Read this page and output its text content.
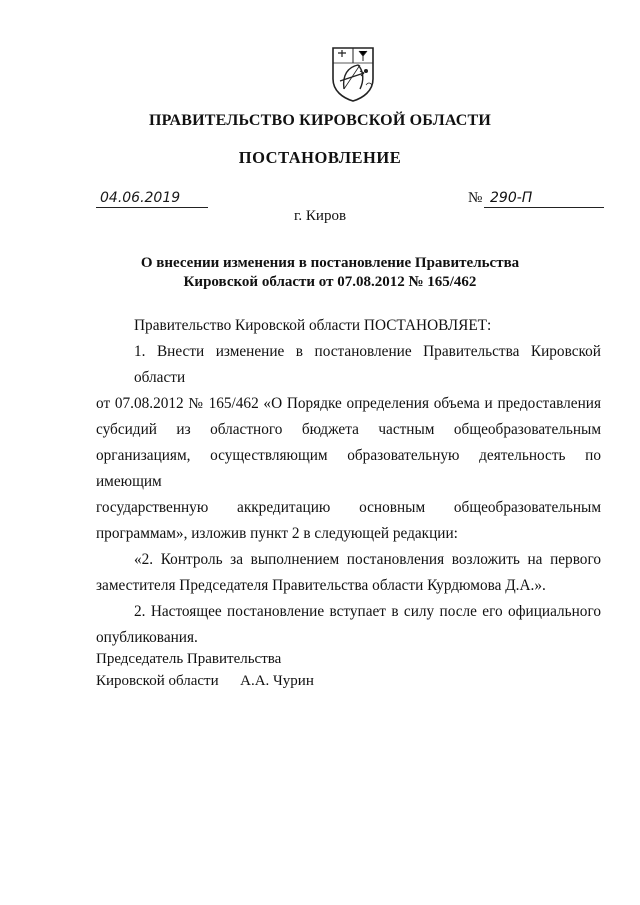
ПРАВИТЕЛЬСТВО КИРОВСКОЙ ОБЛАСТИ
ПОСТАНОВЛЕНИЕ
04.06.2019	№ 290-П
г. Киров
О внесении изменения в постановление Правительства
Кировской области от 07.08.2012 № 165/462
Правительство Кировской области ПОСТАНОВЛЯЕТ:
1. Внести изменение в постановление Правительства Кировской области
от 07.08.2012 № 165/462 «О Порядке определения объема и предоставления
субсидий из областного бюджета частным общеобразовательным
организациям, осуществляющим образовательную деятельность по имеющим
государственную аккредитацию основным общеобразовательным
программам», изложив пункт 2 в следующей редакции:
«2. Контроль за выполнением постановления возложить на первого
заместителя Председателя Правительства области Курдюмова Д.А.».
2. Настоящее постановление вступает в силу после его официального
опубликования.
Председатель Правительства
Кировской области А.А. Чурин
